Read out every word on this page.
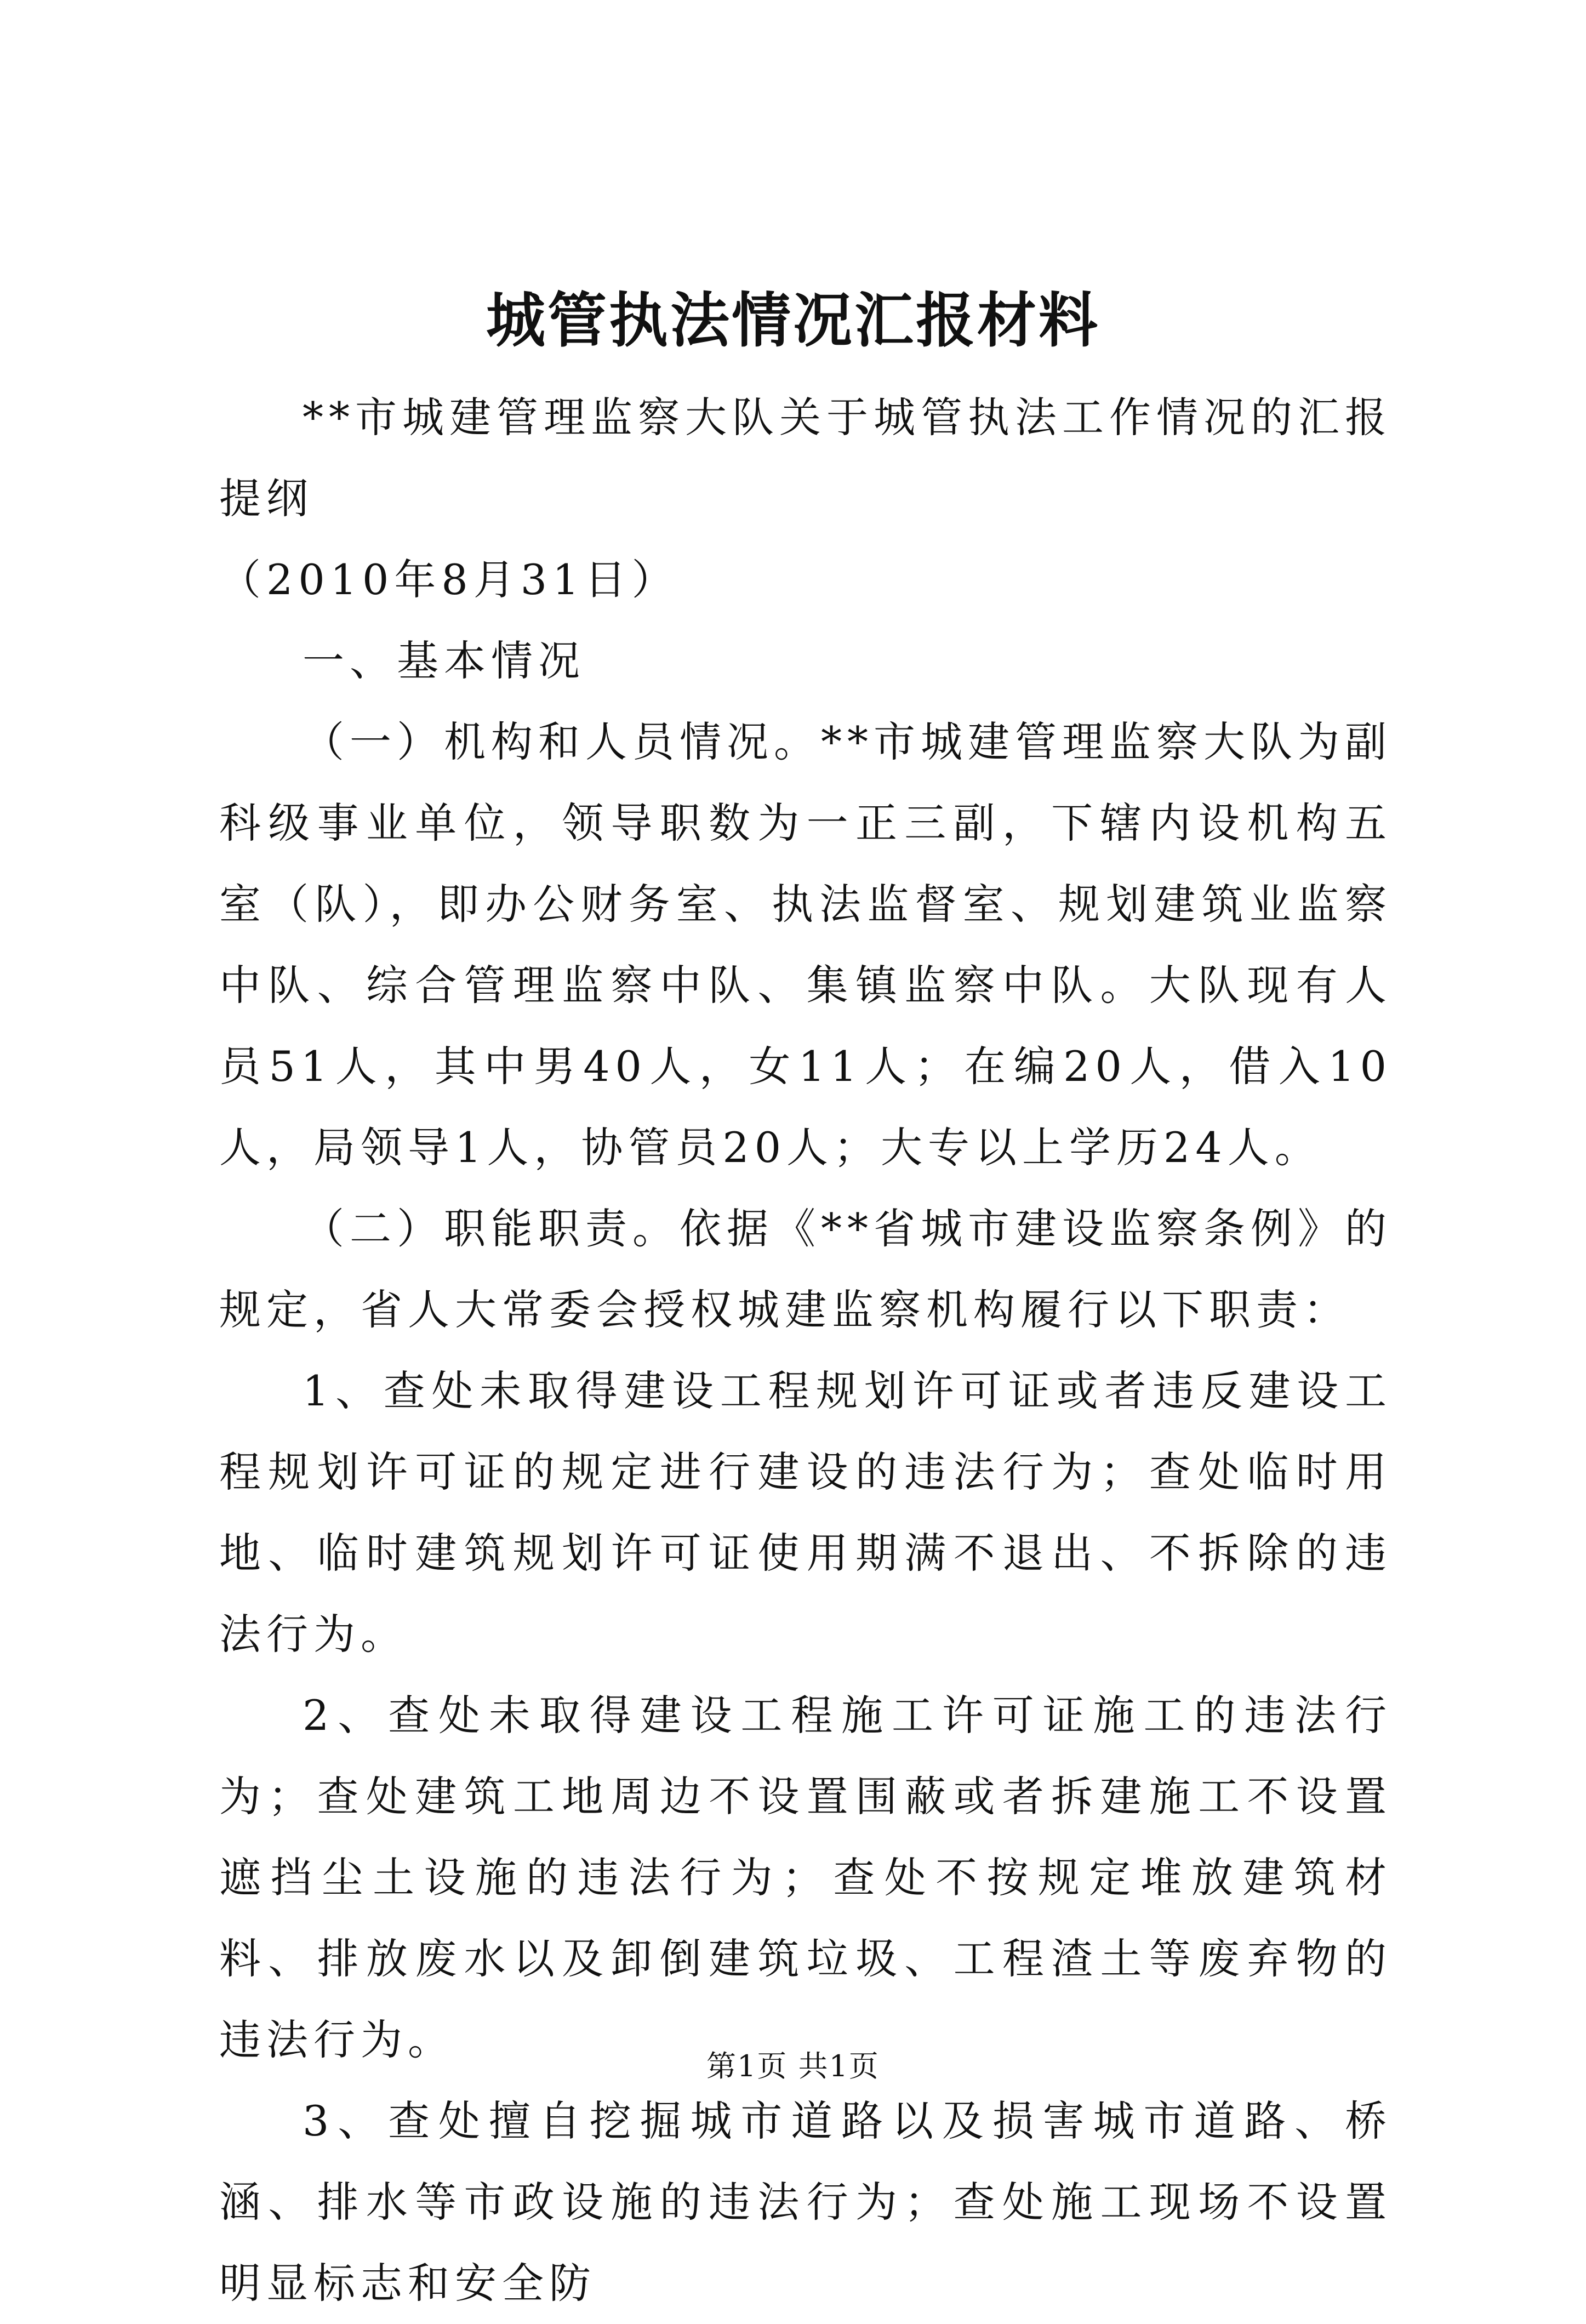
城管执法情况汇报材料

**市城建管理监察大队关于城管执法工作情况的汇报提纲

（2010年8月31日）

一、基本情况

（一）机构和人员情况。**市城建管理监察大队为副科级事业单位，领导职数为一正三副，下辖内设机构五室（队），即办公财务室、执法监督室、规划建筑业监察中队、综合管理监察中队、集镇监察中队。大队现有人员51人，其中男40人，女11人；在编20人，借入10人，局领导1人，协管员20人；大专以上学历24人。

（二）职能职责。依据《**省城市建设监察条例》的规定，省人大常委会授权城建监察机构履行以下职责：

1、查处未取得建设工程规划许可证或者违反建设工程规划许可证的规定进行建设的违法行为；查处临时用地、临时建筑规划许可证使用期满不退出、不拆除的违法行为。

2、查处未取得建设工程施工许可证施工的违法行为；查处建筑工地周边不设置围蔽或者拆建施工不设置遮挡尘土设施的违法行为；查处不按规定堆放建筑材料、排放废水以及卸倒建筑垃圾、工程渣土等废弃物的违法行为。

3、查处擅自挖掘城市道路以及损害城市道路、桥涵、排水等市政设施的违法行为；查处施工现场不设置明显标志和安全防

第1页 共1页
